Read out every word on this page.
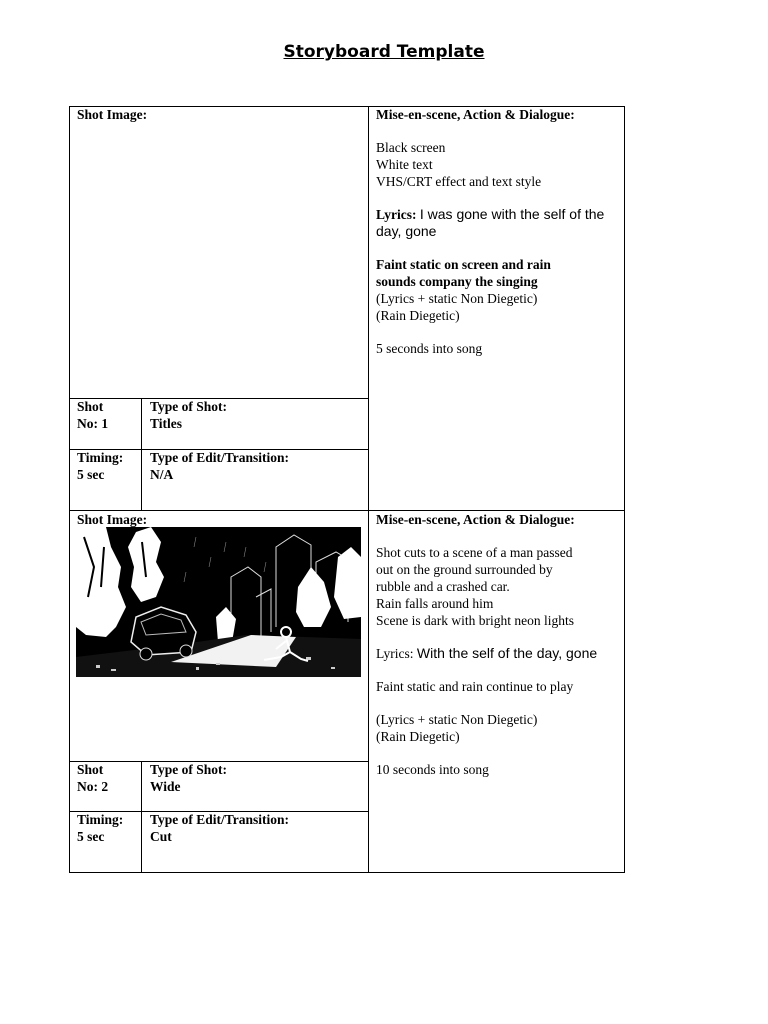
Storyboard Template
Shot Image:

Shot

No: 1

Type of Shot:

Titles

Timing:

5 sec

Type of Edit/Transition:

N/A

Mise-en-scene, Action & Dialogue:

Black screen

White text

VHS/CRT effect and text style

Lyrics: I was gone with the self of the day, gone

Faint static on screen and rain

sounds company the singing

(Lyrics + static Non Diegetic)

(Rain Diegetic)

5 seconds into song

Shot Image:

Shot

No: 2

Type of Shot:

Wide

Timing:

5 sec

Type of Edit/Transition:

Cut

Mise-en-scene, Action & Dialogue:

Shot cuts to a scene of a man passed

out on the ground surrounded by

rubble and a crashed car.

Rain falls around him

Scene is dark with bright neon lights

Lyrics: With the self of the day, gone

Faint static and rain continue to play

(Lyrics + static Non Diegetic)

(Rain Diegetic)

10 seconds into song
